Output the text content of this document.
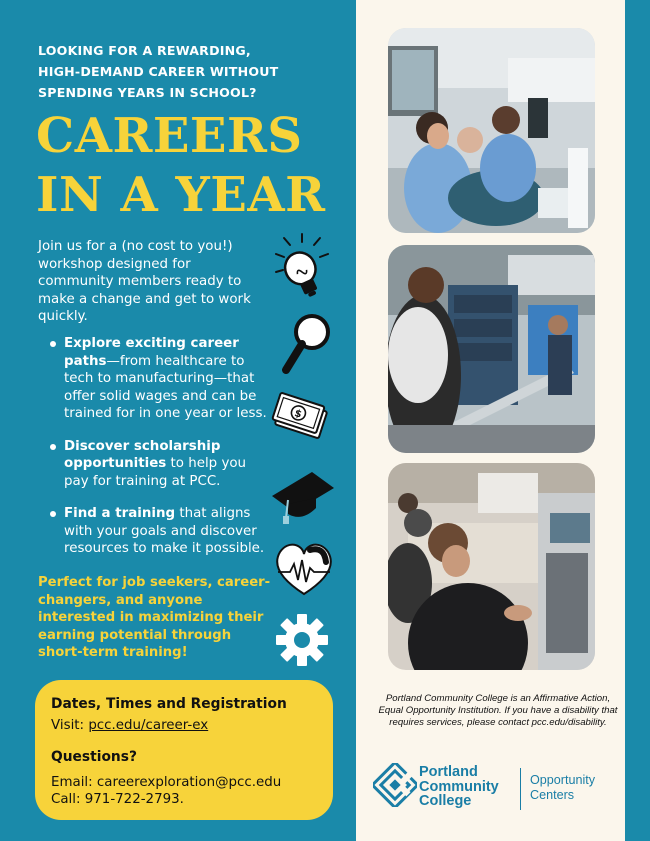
LOOKING FOR A REWARDING,
HIGH-DEMAND CAREER WITHOUT
SPENDING YEARS IN SCHOOL?
CAREERS
IN A YEAR

Join us for a (no cost to you!) workshop designed for community members ready to make a change and get to work quickly.

Explore exciting career paths—from healthcare to tech to manufacturing—that offer solid wages and can be trained for in one year or less.
Discover scholarship opportunities to help you pay for training at PCC.
Find a training that aligns with your goals and discover resources to make it possible.

Perfect for job seekers, career-changers, and anyone interested in maximizing their earning potential through short-term training!

Dates, Times and Registration
Visit: pcc.edu/career-ex
Questions?
Email: careerexploration@pcc.edu
Call: 971-722-2793.
$

Portland Community College is an Affirmative Action, Equal Opportunity Institution. If you have a disability that requires services, please contact pcc.edu/disability.

Portland
Community
College
Opportunity
Centers
